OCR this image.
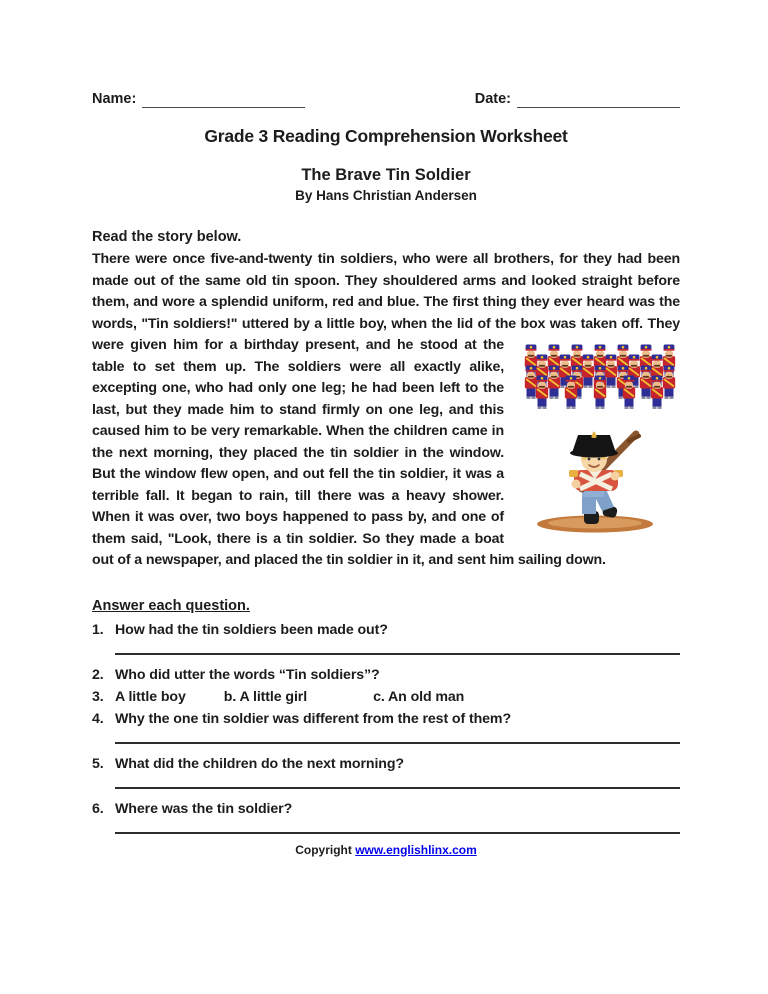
Name:	Date:
Grade 3 Reading Comprehension Worksheet
The Brave Tin Soldier
By Hans Christian Andersen
Read the story below.

There were once five-and-twenty tin soldiers, who were all brothers, for they had been made out of the same old tin spoon. They shouldered arms and looked straight before them, and wore a splendid uniform, red and blue. The first thing they ever heard was the words, "Tin soldiers!" uttered by a little boy, when the lid of the box was taken off. They were given him for a birthday
present, and he stood at the table to set them up. The soldiers were all exactly alike, excepting one, who had only one leg; he had been left to the last, but they made him to stand firmly on one leg, and this caused him to be very remarkable. When the children came in the next morning, they placed the tin soldier in the window. But the window flew open, and out fell the tin soldier, it was a terrible fall. It began to rain, till there was a heavy shower. When it was over, two boys happened to pass by, and one of them said, "Look, there is a tin soldier. So they made a boat out of a newspaper, and placed the tin soldier in it, and sent him sailing down.

Answer each question.
1. How had the tin soldiers been made out?
2. Who did utter the words “Tin soldiers”?
3. A little boy	b. A little girl	c. An old man
4. Why the one tin soldier was different from the rest of them?
5. What did the children do the next morning?
6. Where was the tin soldier?
Copyright www.englishlinx.com
